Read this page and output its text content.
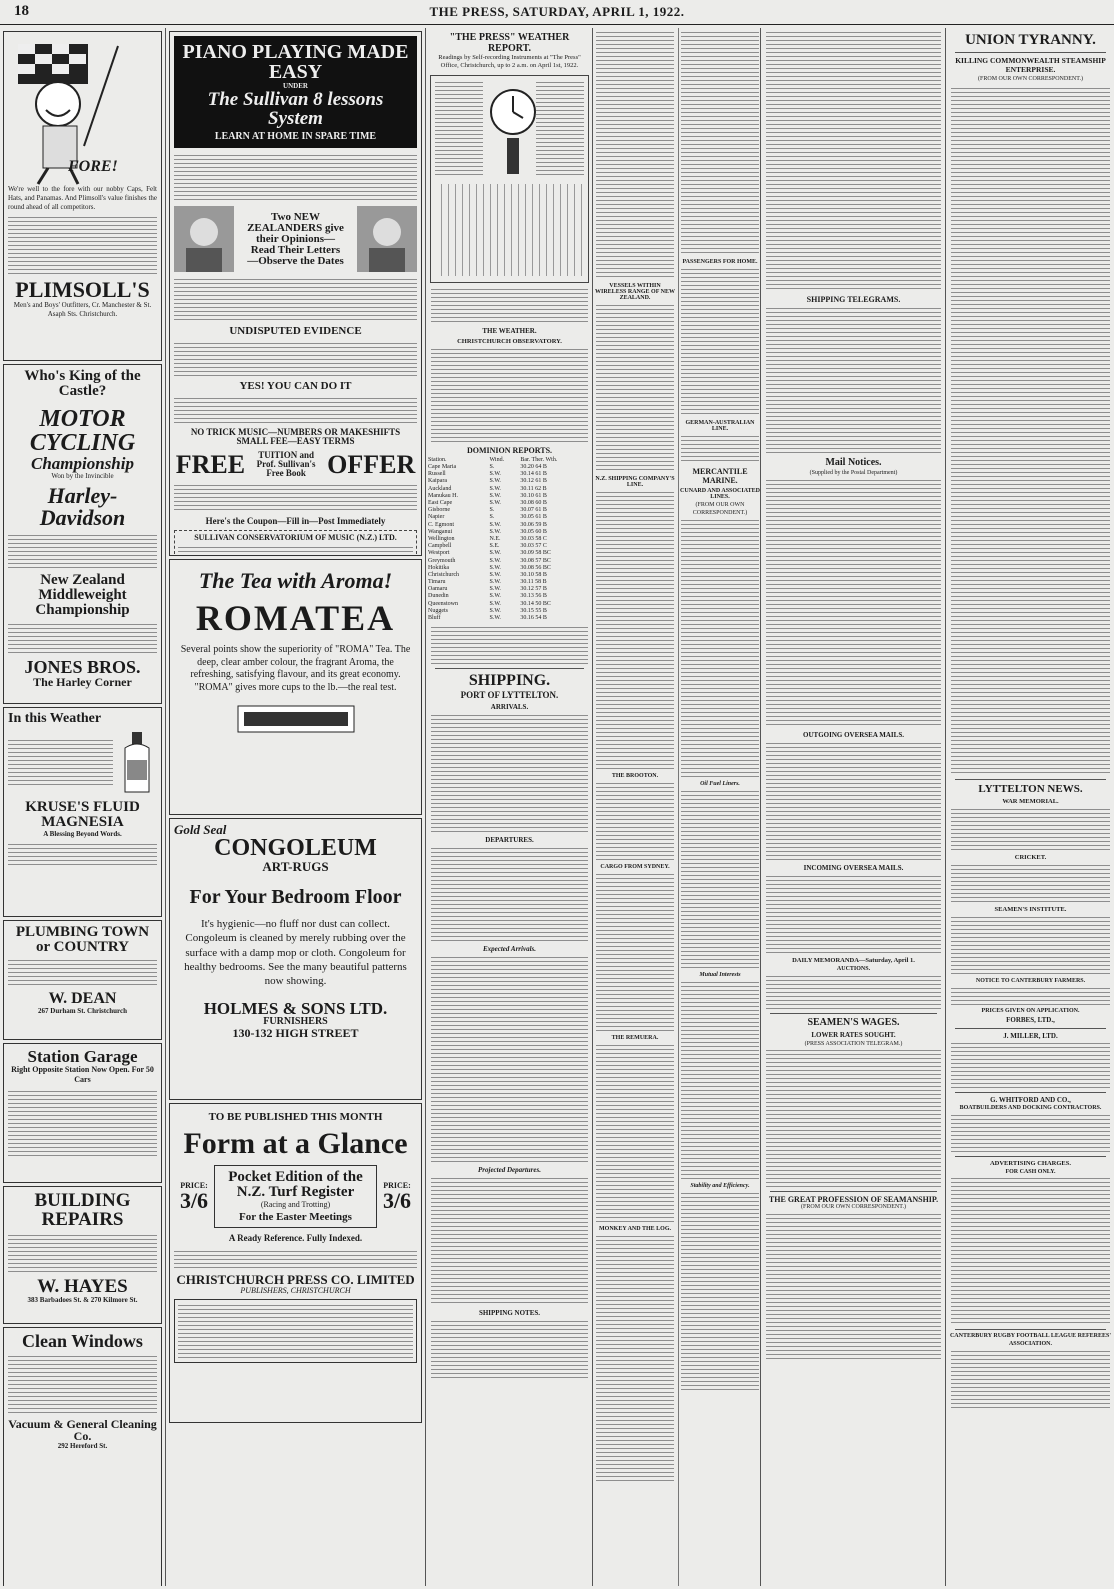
18	THE PRESS, SATURDAY, APRIL 1, 1922.
FORE!
We're well to the fore with our nobby Caps, Felt Hats, and Panamas. And Plimsoll's value finishes the round ahead of all competitors.
PLIMSOLL'S
Men's and Boys' Outfitters, Cr. Manchester & St. Asaph Sts. Christchurch.
Who's King of the Castle?
MOTOR CYCLING
Championship
Won by the Invincible
Harley-Davidson
New Zealand Middleweight Championship
JONES BROS.
The Harley Corner
In this Weather
KRUSE'S FLUID MAGNESIA
A Blessing Beyond Words.
PLUMBING TOWN or COUNTRY
W. DEAN
267 Durham St. Christchurch
Station Garage
Right Opposite Station Now Open. For 50 Cars
BUILDING REPAIRS
W. HAYES
383 Barbadoes St. & 270 Kilmore St.
Clean Windows
Vacuum & General Cleaning Co.
292 Hereford St.
PIANO PLAYING MADE EASY
UNDER
The Sullivan 8 lessons System
LEARN AT HOME IN SPARE TIME
Two NEW ZEALANDERS give their Opinions—Read Their Letters—Observe the Dates
UNDISPUTED EVIDENCE
YES! YOU CAN DO IT
NO TRICK MUSIC—NUMBERS OR MAKESHIFTS SMALL FEE—EASY TERMS
FREE	TUITION and Prof. Sullivan's Free Book OFFER
Here's the Coupon—Fill in—Post Immediately
SULLIVAN CONSERVATORIUM OF MUSIC (N.Z.) LTD.
The Tea with Aroma!
ROMATEA
Several points show the superiority of "ROMA" Tea. The deep, clear amber colour, the fragrant Aroma, the refreshing, satisfying flavour, and its great economy. "ROMA" gives more cups to the lb.—the real test.
Gold Seal
CONGOLEUM
ART-RUGS
For Your Bedroom Floor
It's hygienic—no fluff nor dust can collect. Congoleum is cleaned by merely rubbing over the surface with a damp mop or cloth. Congoleum for healthy bedrooms. See the many beautiful patterns now showing.
HOLMES & SONS LTD.
FURNISHERS
130-132 HIGH STREET
TO BE PUBLISHED THIS MONTH
Form at a Glance
PRICE:
3/6
Pocket Edition of the N.Z. Turf Register
(Racing and Trotting)
For the Easter Meetings
PRICE:
3/6
A Ready Reference. Fully Indexed.
CHRISTCHURCH PRESS CO. LIMITED
PUBLISHERS, CHRISTCHURCH
"THE PRESS" WEATHER REPORT.
Readings by Self-recording Instruments at "The Press" Office, Christchurch, up to 2 a.m. on April 1st, 1922.
THE WEATHER.
CHRISTCHURCH OBSERVATORY.
DOMINION REPORTS.
Station.	Wind.	Bar. Ther. Wth.
Cape Maria	S.	30.20 64 B
Russell	S.W.	30.14 61 B
Kaipara	S.W.	30.12 61 B
Auckland	S.W.	30.11 62 B
Manukau H.	S.W.	30.10 61 B
East Cape	S.W.	30.08 60 B
Gisborne	S.	30.07 61 B
Napier	S.	30.05 61 B
C. Egmont	S.W.	30.06 59 B
Wanganui	S.W.	30.05 60 B
Wellington	N.E.	30.03 58 C
Campbell	S.E.	30.03 57 C
Westport	S.W.	30.09 58 BC
Greymouth	S.W.	30.08 57 BC
Hokitika	S.W.	30.08 56 BC
Christchurch	S.W.	30.10 58 B
Timaru	S.W.	30.11 58 B
Oamaru	S.W.	30.12 57 B
Dunedin	S.W.	30.13 56 B
Queenstown	S.W.	30.14 50 BC
Nuggets	S.W.	30.15 55 B
Bluff	S.W.	30.16 54 B
SHIPPING.
PORT OF LYTTELTON.
ARRIVALS.
DEPARTURES.
Expected Arrivals.
Projected Departures.
SHIPPING NOTES.
VESSELS WITHIN WIRELESS RANGE OF NEW ZEALAND.
N.Z. SHIPPING COMPANY'S LINE.
THE BROOTON.
CARGO FROM SYDNEY.
THE REMUERA.
MONKEY AND THE LOG.
PASSENGERS FOR HOME.
GERMAN-AUSTRALIAN LINE.
MERCANTILE MARINE.
CUNARD AND ASSOCIATED LINES.
(FROM OUR OWN CORRESPONDENT.)
Oil Fuel Liners.
Mutual Interests
Stability and Efficiency.
SHIPPING TELEGRAMS.
Mail Notices.
(Supplied by the Postal Department)
OUTGOING OVERSEA MAILS.
INCOMING OVERSEA MAILS.
DAILY MEMORANDA—Saturday, April 1.
AUCTIONS.
SEAMEN'S WAGES.
LOWER RATES SOUGHT.
(PRESS ASSOCIATION TELEGRAM.)
THE GREAT PROFESSION OF SEAMANSHIP.
(FROM OUR OWN CORRESPONDENT.)
UNION TYRANNY.
KILLING COMMONWEALTH STEAMSHIP ENTERPRISE.
(FROM OUR OWN CORRESPONDENT.)
LYTTELTON NEWS.
WAR MEMORIAL.
CRICKET.
SEAMEN'S INSTITUTE.
NOTICE TO CANTERBURY FARMERS.
PRICES GIVEN ON APPLICATION.
FORBES, LTD.,
J. MILLER, LTD.
G. WHITFORD AND CO.,
BOATBUILDERS AND DOCKING CONTRACTORS.
ADVERTISING CHARGES.
FOR CASH ONLY.
CANTERBURY RUGBY FOOTBALL LEAGUE REFEREES' ASSOCIATION.
